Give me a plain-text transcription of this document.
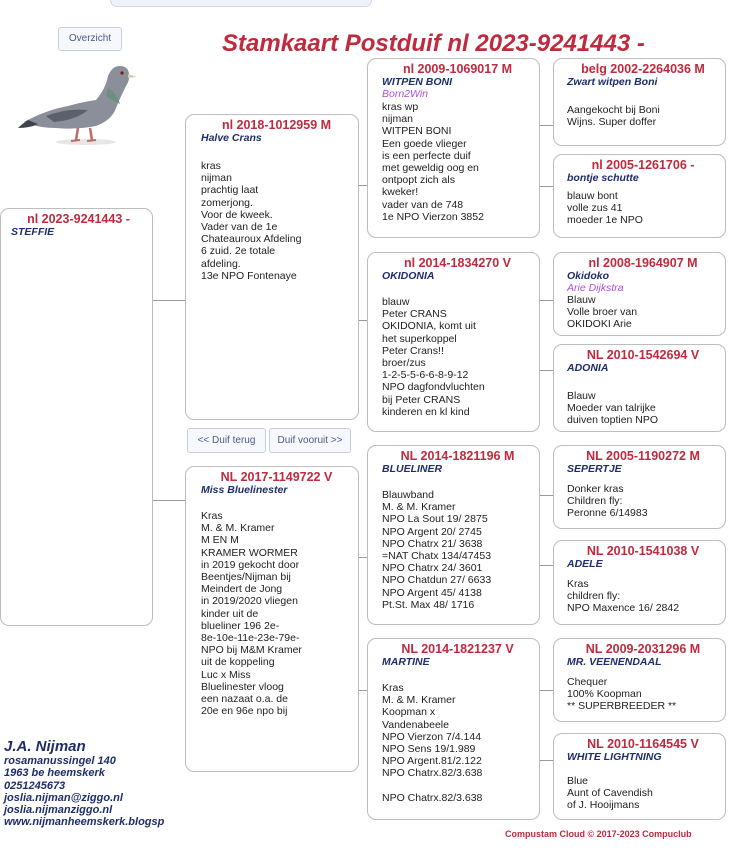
Overzicht	Stamkaart Postduif nl 2023-9241443 -
nl 2023-9241443 -
STEFFIE
nl 2018-1012959 M
Halve Crans
kras
nijman
prachtig laat
zomerjong.
Voor de kweek.
Vader van de 1e
Chateauroux Afdeling
6 zuid. 2e totale
afdeling.
13e NPO Fontenaye
<< Duif terug	Duif vooruit >>
NL 2017-1149722 V
Miss Bluelinester
Kras
M. & M. Kramer
M EN M
KRAMER WORMER
in 2019 gekocht door
Beentjes/Nijman bij
Meindert de Jong
in 2019/2020 vliegen
kinder uit de
blueliner 196 2e-
8e-10e-11e-23e-79e-
NPO bij M&M Kramer
uit de koppeling
Luc x Miss
Bluelinester vloog
een nazaat o.a. de
20e en 96e npo bij
nl 2009-1069017 M
WITPEN BONI
Born2Win
kras wp
nijman
WITPEN BONI
Een goede vlieger
is een perfecte duif
met geweldig oog en
ontpopt zich als
kweker!
vader van de 748
1e NPO Vierzon 3852
nl 2014-1834270 V
OKIDONIA
blauw
Peter CRANS
OKIDONIA, komt uit
het superkoppel
Peter Crans!!
broer/zus
1-2-5-5-6-6-8-9-12
NPO dagfondvluchten
bij Peter CRANS
kinderen en kl kind
NL 2014-1821196 M
BLUELINER
Blauwband
M. & M. Kramer
NPO La Sout 19/ 2875
NPO Argent 20/ 2745
NPO Chatrx 21/ 3638
=NAT Chatx 134/47453
NPO Chatrx 24/ 3601
NPO Chatdun 27/ 6633
NPO Argent 45/ 4138
Pt.St. Max 48/ 1716
NL 2014-1821237 V
MARTINE
Kras
M. & M. Kramer
Koopman x
Vandenabeele
NPO Vierzon 7/4.144
NPO Sens 19/1.989
NPO Argent.81/2.122
NPO Chatrx.82/3.638

NPO Chatrx.82/3.638
belg 2002-2264036 M
Zwart witpen Boni
Aangekocht bij Boni
Wijns. Super doffer
nl 2005-1261706 -
bontje schutte
blauw bont
volle zus 41
moeder 1e NPO
nl 2008-1964907 M
Okidoko
Arie Dijkstra
Blauw
Volle broer van
OKIDOKI Arie
NL 2010-1542694 V
ADONIA
Blauw
Moeder van talrijke
duiven toptien NPO
NL 2005-1190272 M
SEPERTJE
Donker kras
Children fly:
Peronne 6/14983
NL 2010-1541038 V
ADELE
Kras
children fly:
NPO Maxence 16/ 2842
NL 2009-2031296 M
MR. VEENENDAAL
Chequer
100% Koopman
** SUPERBREEDER **
NL 2010-1164545 V
WHITE LIGHTNING
Blue
Aunt of Cavendish
of J. Hooijmans
J.A. Nijman
rosamanussingel 140
1963 be heemskerk
0251245673
joslia.nijman@ziggo.nl
joslia.nijmanziggo.nl
www.nijmanheemskerk.blogsp
Compustam Cloud © 2017-2023 Compuclub
